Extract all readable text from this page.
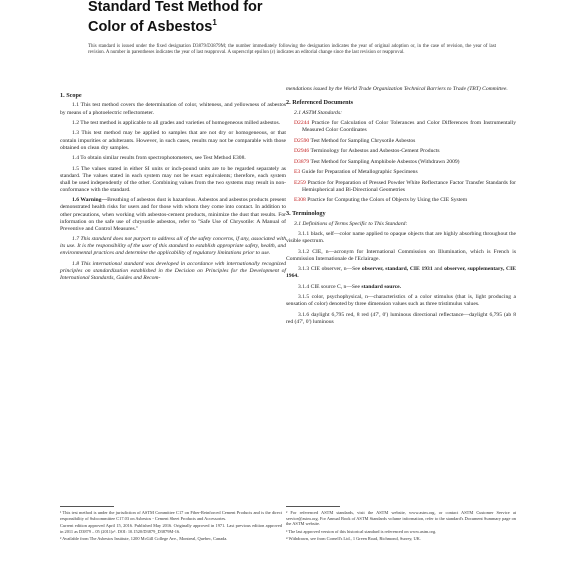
Standard Test Method for
Color of Asbestos$^1$
This standard is issued under the fixed designation D3879/D3879M; the number immediately following the designation indicates the year of original adoption or, in the case of revision, the year of last revision. A number in parentheses indicates the year of last reapproval. A superscript epsilon (ε) indicates an editorial change since the last revision or reapproval.
1. Scope

1.1 This test method covers the determination of color, whiteness, and yellowness of asbestos by means of a photoelectric reflectometer.

1.2 The test method is applicable to all grades and varieties of homogeneous milled asbestos.

1.3 This test method may be applied to samples that are not dry or homogeneous, or that contain impurities or adulterants. However, in such cases, results may not be comparable with those obtained on clean dry samples.

1.4 To obtain similar results from spectrophotometers, see Test Method E308.

1.5 The values stated in either SI units or inch-pound units are to be regarded separately as standard. The values stated in each system may not be exact equivalents; therefore, each system shall be used independently of the other. Combining values from the two systems may result in non-conformance with the standard.

1.6 Warning—Breathing of asbestos dust is hazardous. Asbestos and asbestos products present demonstrated health risks for users and for those with whom they come into contact. In addition to other precautions, when working with asbestos-cement products, minimize the dust that results. For information on the safe use of chrysotile asbestos, refer to "Safe Use of Chrysotile: A Manual of Preventive and Control Measures."

1.7 This standard does not purport to address all of the safety concerns, if any, associated with its use. It is the responsibility of the user of this standard to establish appropriate safety, health, and environmental practices and determine the applicability of regulatory limitations prior to use.

1.8 This international standard was developed in accordance with internationally recognized principles on standardization established in the Decision on Principles for the Development of International Standards, Guides and Recom-

mendations issued by the World Trade Organization Technical Barriers to Trade (TBT) Committee.

2. Referenced Documents

2.1 ASTM Standards:

D2244 Practice for Calculation of Color Tolerances and Color Differences from Instrumentally Measured Color Coordinates

D2590 Test Method for Sampling Chrysotile Asbestos

D2946 Terminology for Asbestos and Asbestos-Cement Products

D3879 Test Method for Sampling Amphibole Asbestos (Withdrawn 2009)

E3 Guide for Preparation of Metallographic Specimens

E259 Practice for Preparation of Pressed Powder White Reflectance Factor Transfer Standards for Hemispherical and Bi-Directional Geometries

E308 Practice for Computing the Colors of Objects by Using the CIE System

3. Terminology

3.1 Definitions of Terms Specific to This Standard:

3.1.1 black, self—color name applied to opaque objects that are highly absorbing throughout the visible spectrum.

3.1.2 CIE, n—acronym for International Commission on Illumination, which is French is Commission Internationale de l'Eclairage.

3.1.3 CIE observer, n—See observer, standard, CIE 1931 and observer, supplementary, CIE 1964.

3.1.4 CIE source C, n—See standard source.

3.1.5 color, psychophysical, n—characteristics of a color stimulus (that is, light producing a sensation of color) denoted by three dimension values such as three tristimulus values.

3.1.6 daylight 6,795 red, 8 red (47', 0') luminous directional reflectance—daylight 6,795 (ab 8 red (47', 0') luminous

¹ This test method is under the jurisdiction of ASTM Committee C17 on Fiber-Reinforced Cement Products and is the direct responsibility of Subcommittee C17.03 on Asbestos - Cement Sheet Products and Accessories.

Current edition approved April 15, 2016. Published May 2016. Originally approved in 1971. Last previous edition approved in 2011 as D3879 – 05 (2011)ε¹. DOI: 10.1520/D3879_D3879M-16.

² Available from The Asbestos Institute, 1200 McGill College Ave., Montreal, Quebec, Canada.

² For referenced ASTM standards, visit the ASTM website, www.astm.org, or contact ASTM Customer Service at service@astm.org. For Annual Book of ASTM Standards volume information, refer to the standard's Document Summary page on the ASTM website.

³ The last approved version of this historical standard is referenced on www.astm.org.

⁴ Withdrawn, see from Cornell's Ltd., 1 Green Road, Richmond, Surrey, UK.
